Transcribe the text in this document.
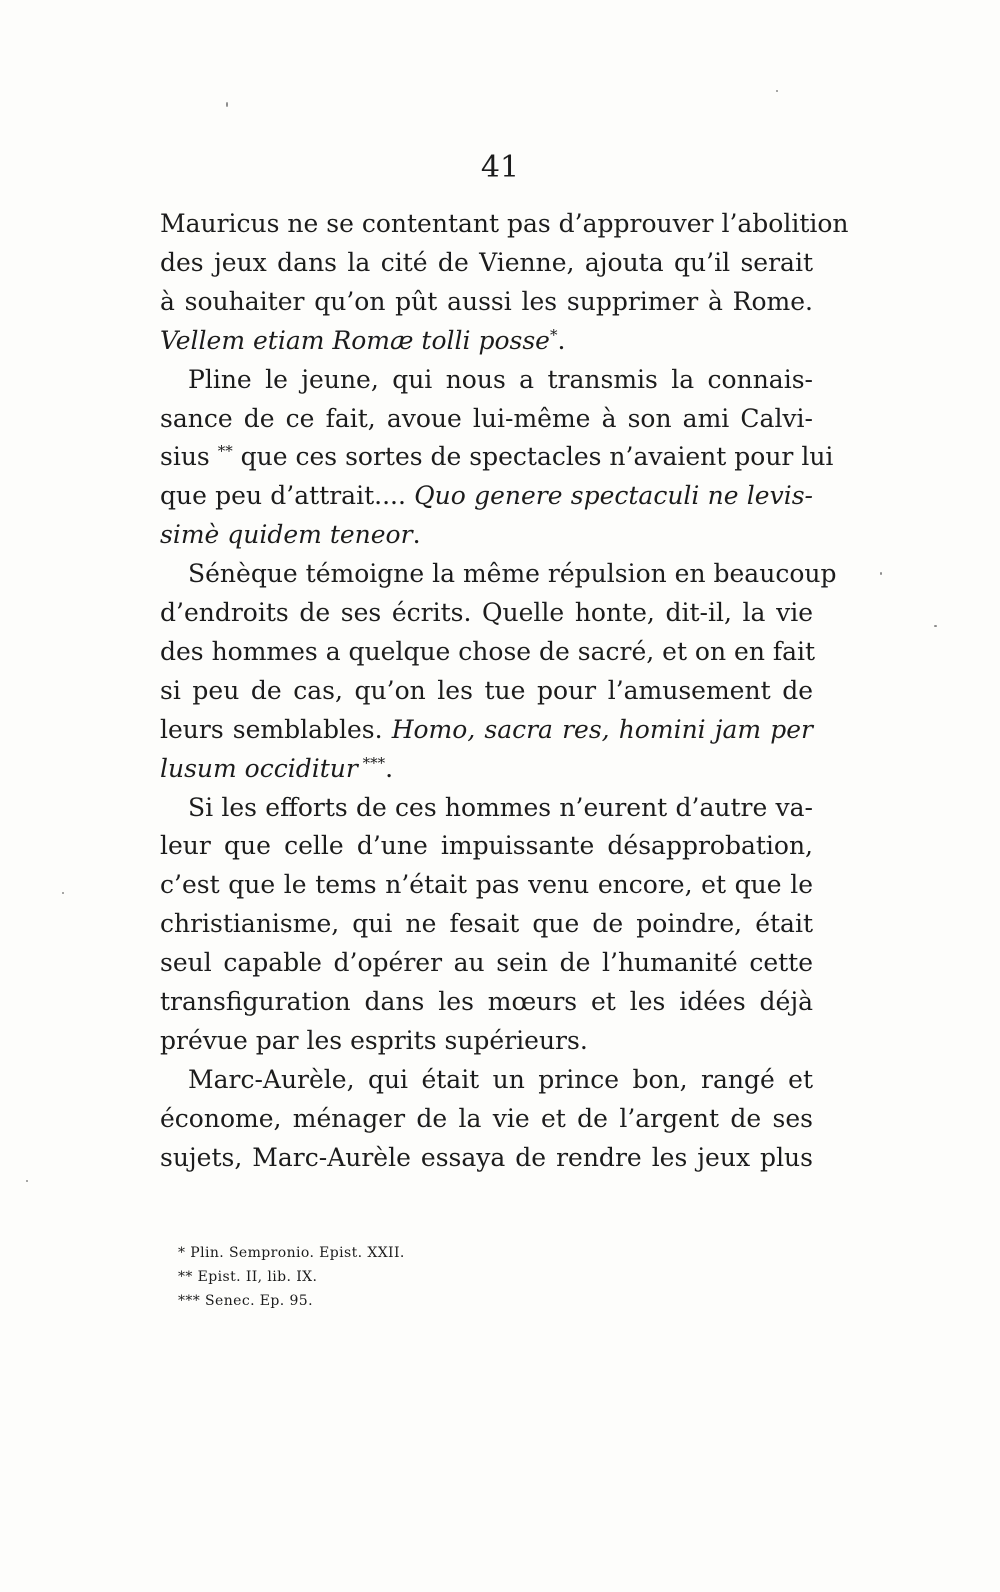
41
Mauricus ne se contentant pas d’approuver l’abolition
des jeux dans la cité de Vienne, ajouta qu’il serait
à souhaiter qu’on pût aussi les supprimer à Rome.
Vellem etiam Romæ tolli posse*.
Pline le jeune, qui nous a transmis la connais-
sance de ce fait, avoue lui-même à son ami Calvi-
sius ** que ces sortes de spectacles n’avaient pour lui
que peu d’attrait.... Quo genere spectaculi ne levis-
simè quidem teneor.
Sénèque témoigne la même répulsion en beaucoup
d’endroits de ses écrits. Quelle honte, dit-il, la vie
des hommes a quelque chose de sacré, et on en fait
si peu de cas, qu’on les tue pour l’amusement de
leurs semblables. Homo, sacra res, homini jam per
lusum occiditur ***.
Si les efforts de ces hommes n’eurent d’autre va-
leur que celle d’une impuissante désapprobation,
c’est que le tems n’était pas venu encore, et que le
christianisme, qui ne fesait que de poindre, était
seul capable d’opérer au sein de l’humanité cette
transfiguration dans les mœurs et les idées déjà
prévue par les esprits supérieurs.
Marc-Aurèle, qui était un prince bon, rangé et
économe, ménager de la vie et de l’argent de ses
sujets, Marc-Aurèle essaya de rendre les jeux plus
* Plin. Sempronio. Epist. XXII.
** Epist. II, lib. IX.
*** Senec. Ep. 95.
